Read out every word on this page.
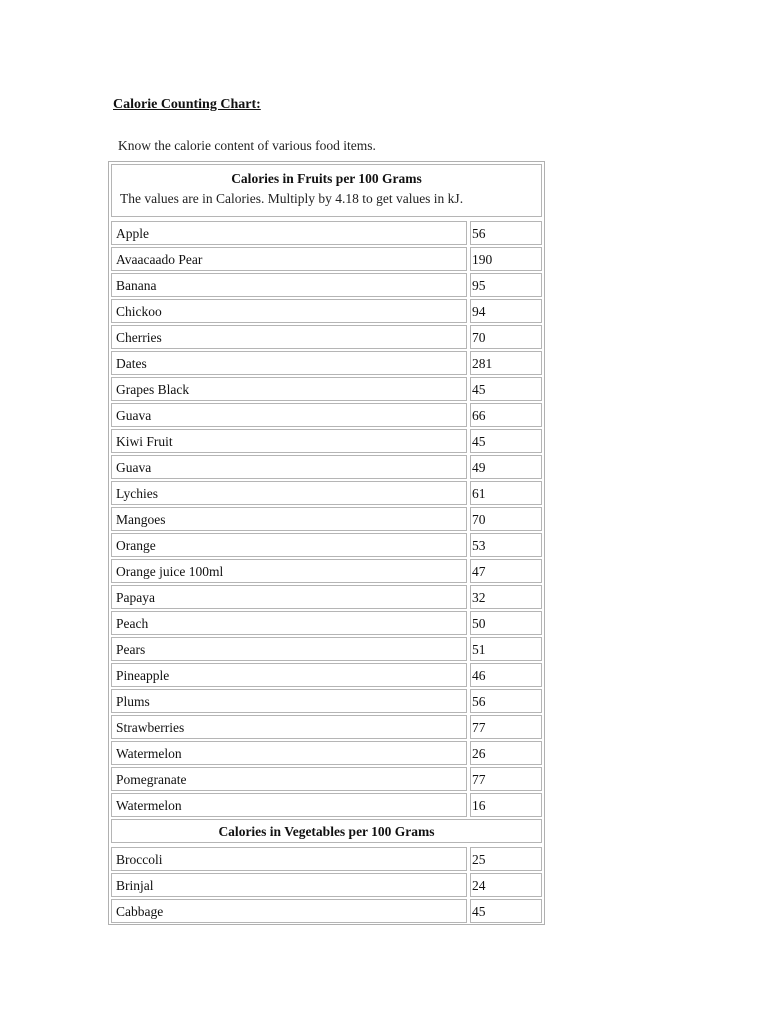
Calorie Counting Chart:
Know the calorie content of various food items.
Calories in Fruits per 100 Grams
The values are in Calories. Multiply by 4.18 to get values in kJ.
Apple	56
Avaacaado Pear	190
Banana	95
Chickoo	94
Cherries	70
Dates	281
Grapes Black	45
Guava	66
Kiwi Fruit	45
Guava	49
Lychies	61
Mangoes	70
Orange	53
Orange juice 100ml	47
Papaya	32
Peach	50
Pears	51
Pineapple	46
Plums	56
Strawberries	77
Watermelon	26
Pomegranate	77
Watermelon	16
Calories in Vegetables per 100 Grams
Broccoli	25
Brinjal	24
Cabbage	45
